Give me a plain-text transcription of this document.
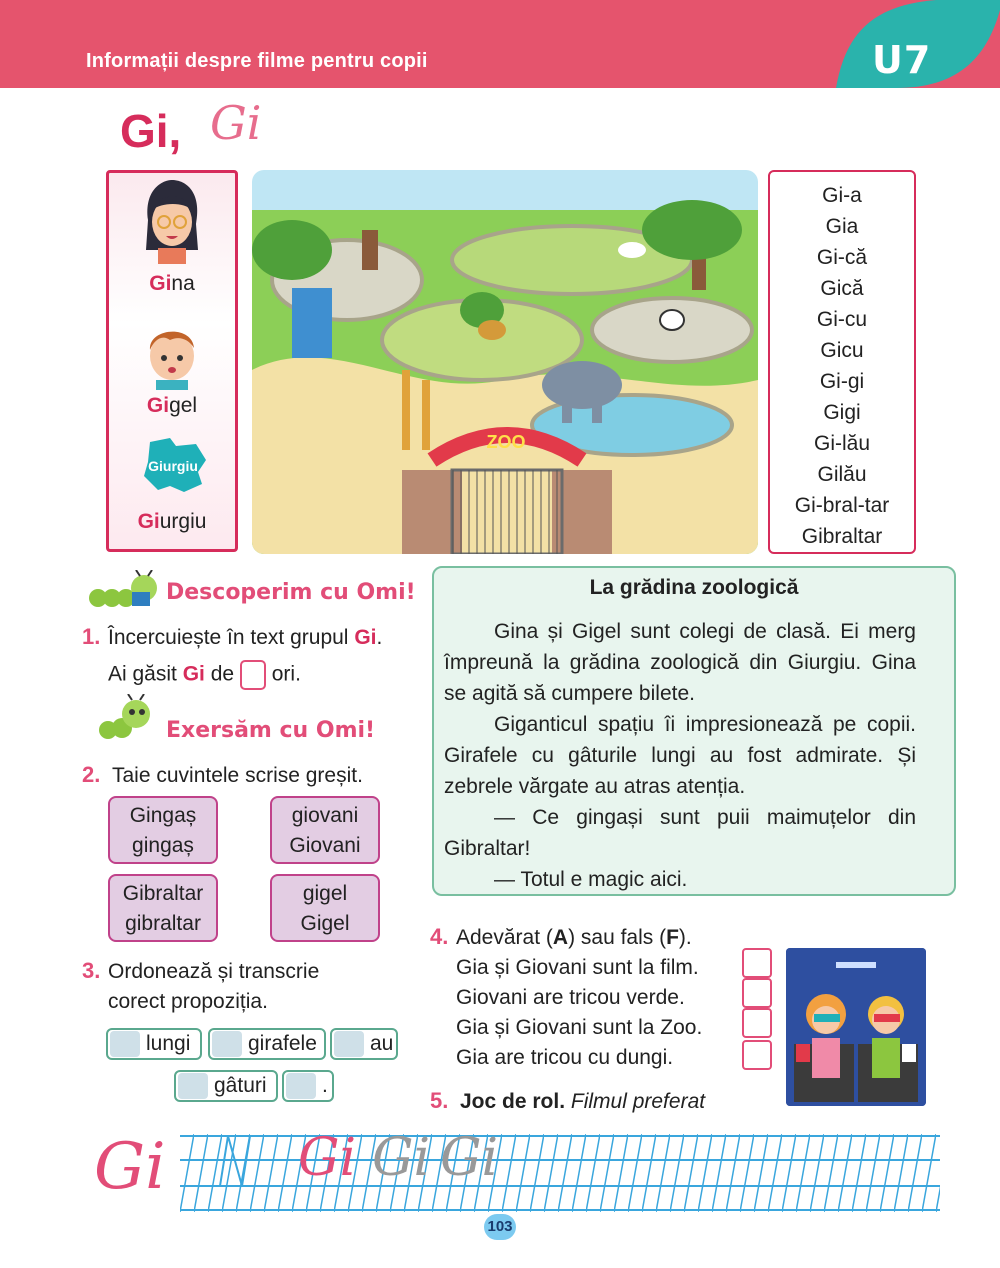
Informații despre filme pentru copii	U7
Gi, Gi
Gina
Gigel
Giurgiu
Giurgiu
ZOO
Gi-a
Gia
Gi-că
Gică
Gi-cu
Gicu
Gi-gi
Gigi
Gi-lău
Gilău
Gi-bral-tar
Gibraltar
Descoperim cu Omi!
1. Încercuiește în text grupul Gi.
Ai găsit Gi de  ori.
Exersăm cu Omi!
2. Taie cuvintele scrise greșit.
Gingaș
gingaș
giovani
Giovani
Gibraltar
gibraltar
gigel
Gigel
3. Ordonează și transcrie
corect propoziția.
lungi	girafele	au
gâturi	.
La grădina zoologică

Gina și Gigel sunt colegi de clasă. Ei merg împreună la grădina zoologică din Giurgiu. Gina se agită să cumpere bilete.

Giganticul spațiu îi impresionează pe copii. Girafele cu gâturile lungi au fost admirate. Și zebrele vărgate au atras atenția.

— Ce gingași sunt puii maimuțelor din Gibraltar!

— Totul e magic aici.

4. Adevărat (A) sau fals (F).
Gia și Giovani sunt la film.
Giovani are tricou verde.
Gia și Giovani sunt la Zoo.
Gia are tricou cu dungi.
5. Joc de rol. Filmul preferat
Gi	Gi Gi Gi
103
